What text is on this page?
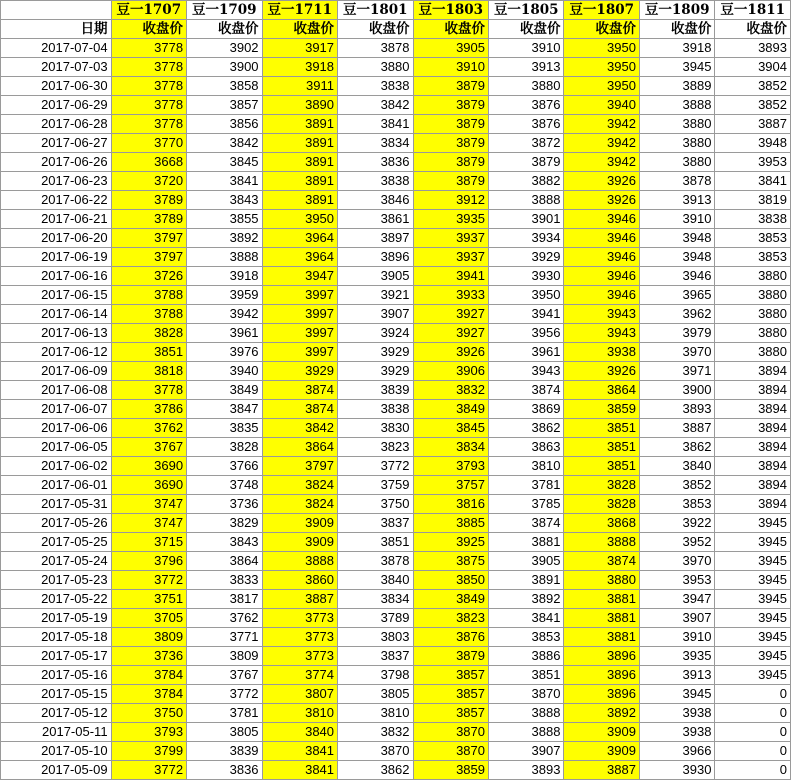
	豆一1707	豆一1709	豆一1711	豆一1801	豆一1803	豆一1805	豆一1807	豆一1809	豆一1811
日期	收盘价	收盘价	收盘价	收盘价	收盘价	收盘价	收盘价	收盘价	收盘价
2017-07-04	3778	3902	3917	3878	3905	3910	3950	3918	3893
2017-07-03	3778	3900	3918	3880	3910	3913	3950	3945	3904
2017-06-30	3778	3858	3911	3838	3879	3880	3950	3889	3852
2017-06-29	3778	3857	3890	3842	3879	3876	3940	3888	3852
2017-06-28	3778	3856	3891	3841	3879	3876	3942	3880	3887
2017-06-27	3770	3842	3891	3834	3879	3872	3942	3880	3948
2017-06-26	3668	3845	3891	3836	3879	3879	3942	3880	3953
2017-06-23	3720	3841	3891	3838	3879	3882	3926	3878	3841
2017-06-22	3789	3843	3891	3846	3912	3888	3926	3913	3819
2017-06-21	3789	3855	3950	3861	3935	3901	3946	3910	3838
2017-06-20	3797	3892	3964	3897	3937	3934	3946	3948	3853
2017-06-19	3797	3888	3964	3896	3937	3929	3946	3948	3853
2017-06-16	3726	3918	3947	3905	3941	3930	3946	3946	3880
2017-06-15	3788	3959	3997	3921	3933	3950	3946	3965	3880
2017-06-14	3788	3942	3997	3907	3927	3941	3943	3962	3880
2017-06-13	3828	3961	3997	3924	3927	3956	3943	3979	3880
2017-06-12	3851	3976	3997	3929	3926	3961	3938	3970	3880
2017-06-09	3818	3940	3929	3929	3906	3943	3926	3971	3894
2017-06-08	3778	3849	3874	3839	3832	3874	3864	3900	3894
2017-06-07	3786	3847	3874	3838	3849	3869	3859	3893	3894
2017-06-06	3762	3835	3842	3830	3845	3862	3851	3887	3894
2017-06-05	3767	3828	3864	3823	3834	3863	3851	3862	3894
2017-06-02	3690	3766	3797	3772	3793	3810	3851	3840	3894
2017-06-01	3690	3748	3824	3759	3757	3781	3828	3852	3894
2017-05-31	3747	3736	3824	3750	3816	3785	3828	3853	3894
2017-05-26	3747	3829	3909	3837	3885	3874	3868	3922	3945
2017-05-25	3715	3843	3909	3851	3925	3881	3888	3952	3945
2017-05-24	3796	3864	3888	3878	3875	3905	3874	3970	3945
2017-05-23	3772	3833	3860	3840	3850	3891	3880	3953	3945
2017-05-22	3751	3817	3887	3834	3849	3892	3881	3947	3945
2017-05-19	3705	3762	3773	3789	3823	3841	3881	3907	3945
2017-05-18	3809	3771	3773	3803	3876	3853	3881	3910	3945
2017-05-17	3736	3809	3773	3837	3879	3886	3896	3935	3945
2017-05-16	3784	3767	3774	3798	3857	3851	3896	3913	3945
2017-05-15	3784	3772	3807	3805	3857	3870	3896	3945	0
2017-05-12	3750	3781	3810	3810	3857	3888	3892	3938	0
2017-05-11	3793	3805	3840	3832	3870	3888	3909	3938	0
2017-05-10	3799	3839	3841	3870	3870	3907	3909	3966	0
2017-05-09	3772	3836	3841	3862	3859	3893	3887	3930	0
